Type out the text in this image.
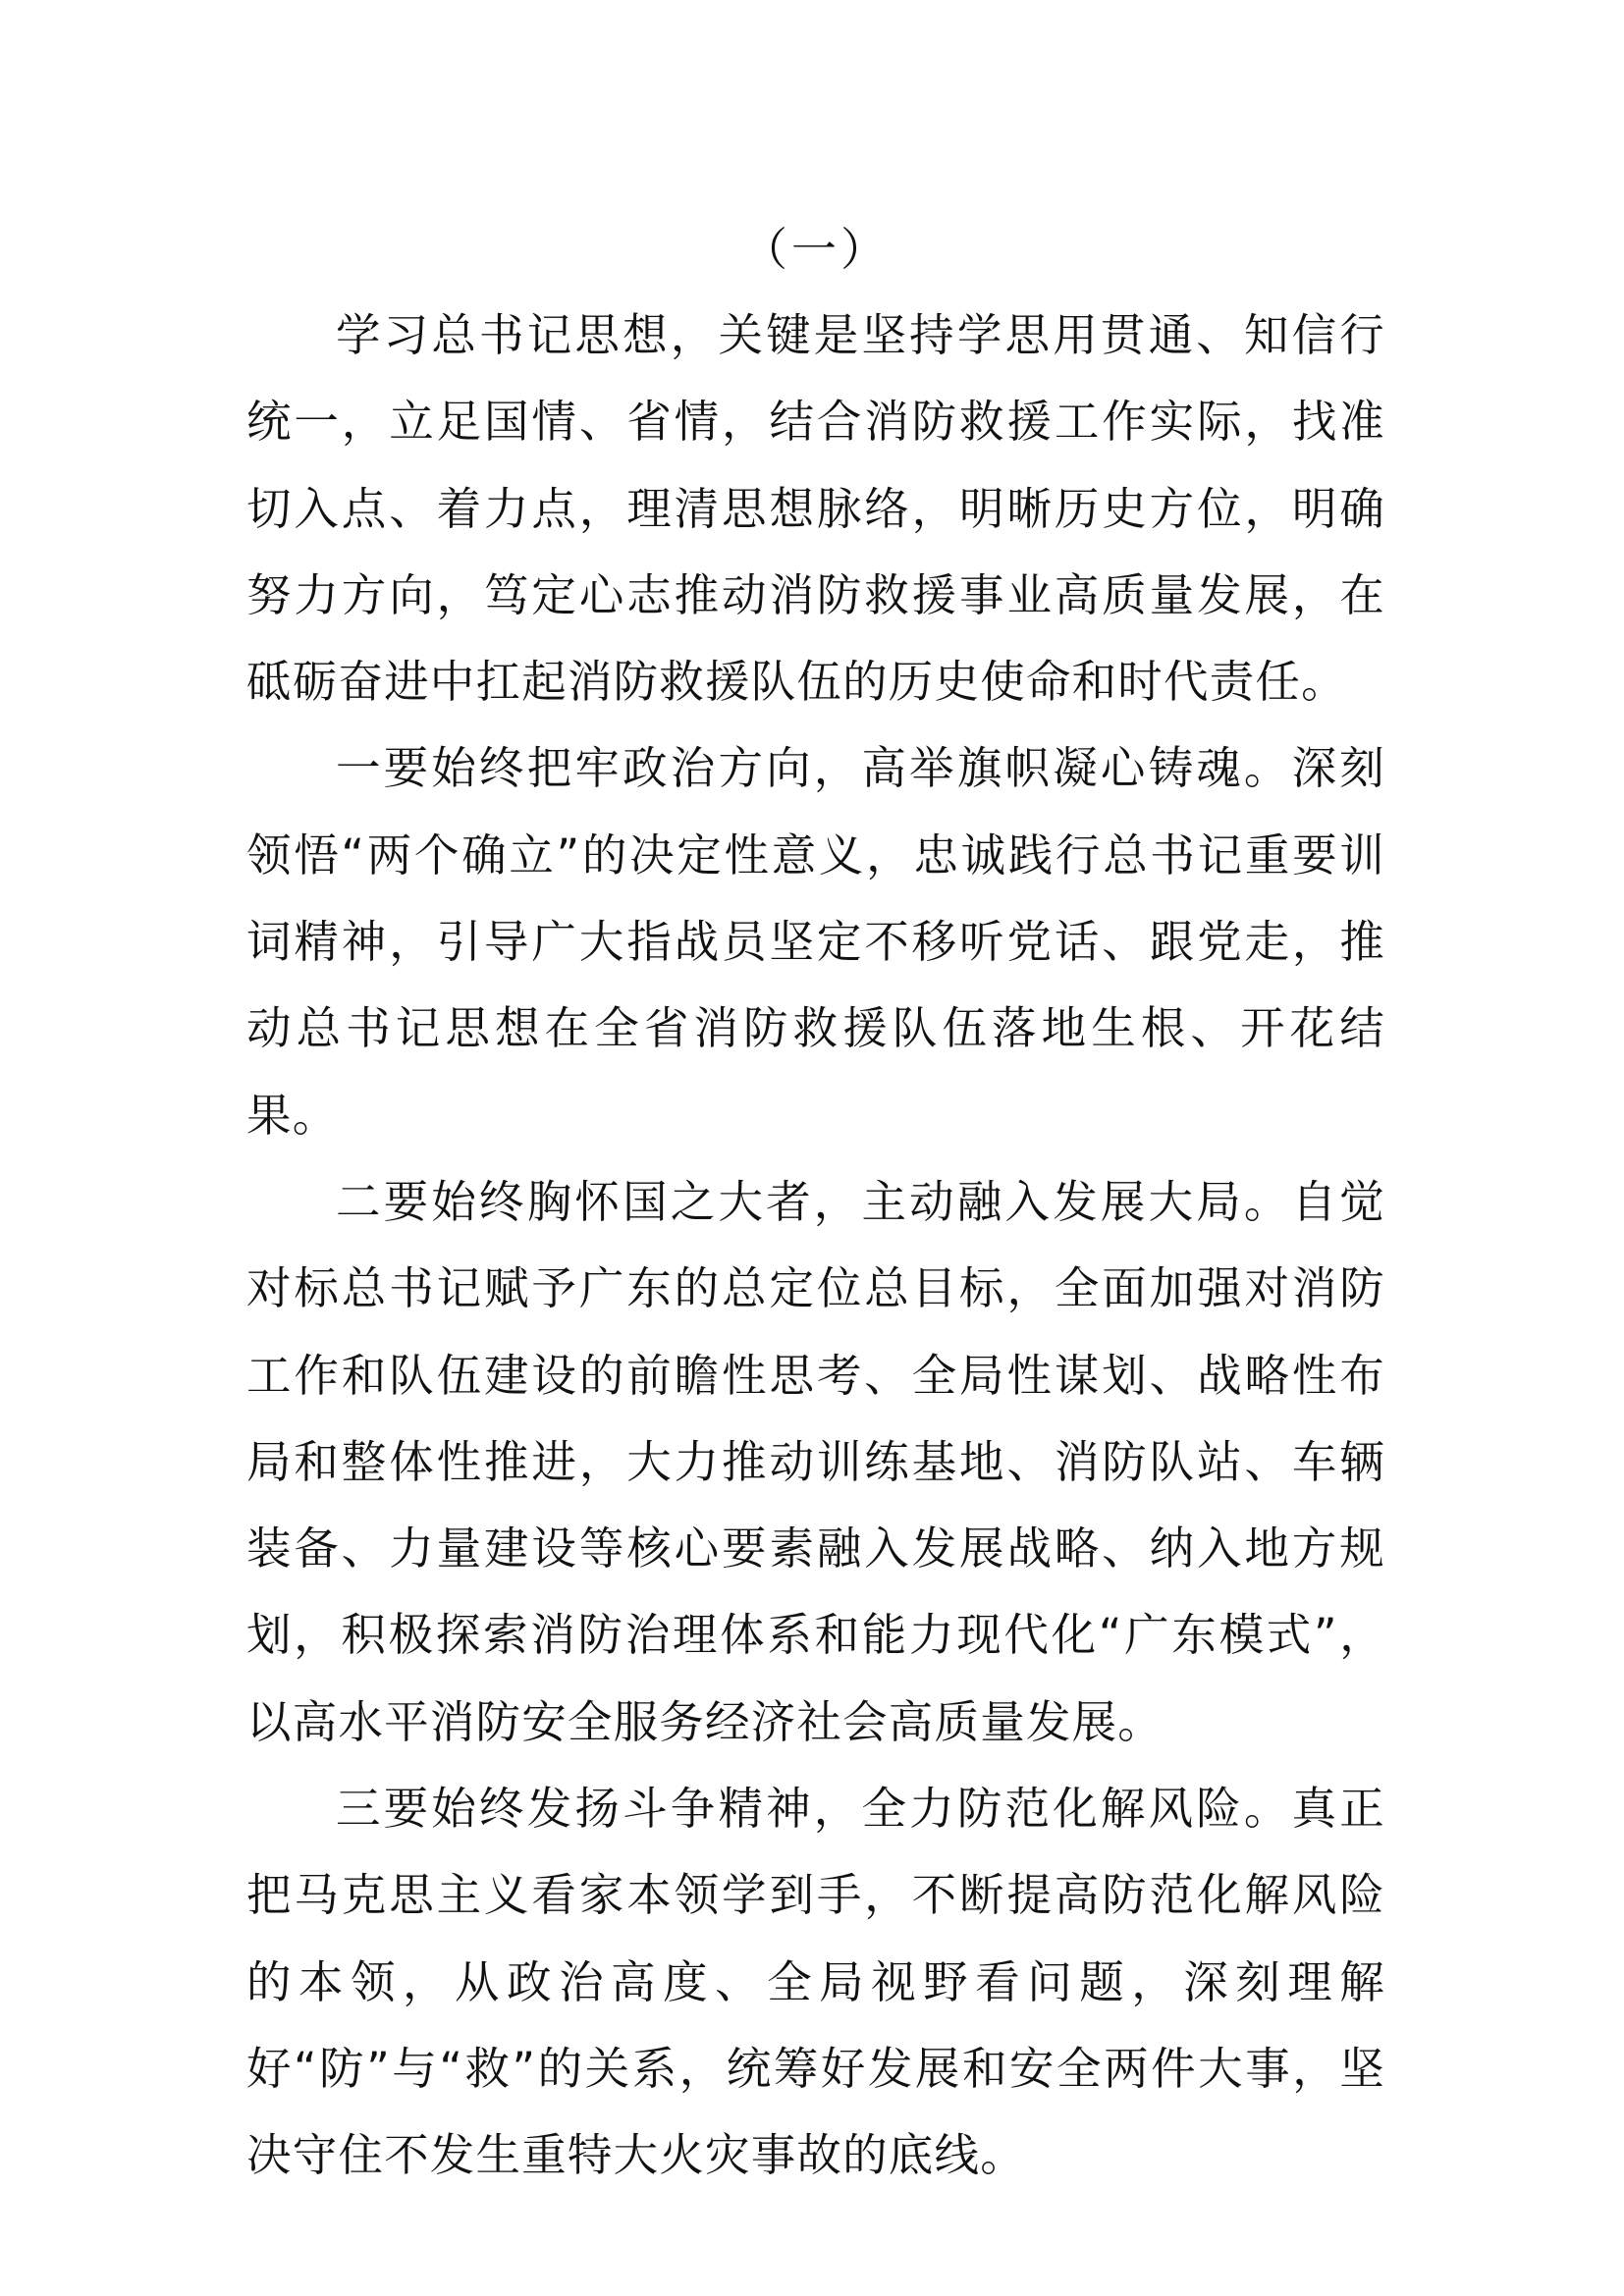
（一）

学习总书记思想，关键是坚持学思用贯通、知信行统一，立足国情、省情，结合消防救援工作实际，找准切入点、着力点，理清思想脉络，明晰历史方位，明确努力方向，笃定心志推动消防救援事业高质量发展，在砥砺奋进中扛起消防救援队伍的历史使命和时代责任。

一要始终把牢政治方向，高举旗帜凝心铸魂。深刻领悟“两个确立”的决定性意义，忠诚践行总书记重要训词精神，引导广大指战员坚定不移听党话、跟党走，推动总书记思想在全省消防救援队伍落地生根、开花结果。

二要始终胸怀国之大者，主动融入发展大局。自觉对标总书记赋予广东的总定位总目标，全面加强对消防工作和队伍建设的前瞻性思考、全局性谋划、战略性布局和整体性推进，大力推动训练基地、消防队站、车辆装备、力量建设等核心要素融入发展战略、纳入地方规划，积极探索消防治理体系和能力现代化“广东模式”，以高水平消防安全服务经济社会高质量发展。

三要始终发扬斗争精神，全力防范化解风险。真正把马克思主义看家本领学到手，不断提高防范化解风险的本领，从政治高度、全局视野看问题，深刻理解好“防”与“救”的关系，统筹好发展和安全两件大事，坚决守住不发生重特大火灾事故的底线。
